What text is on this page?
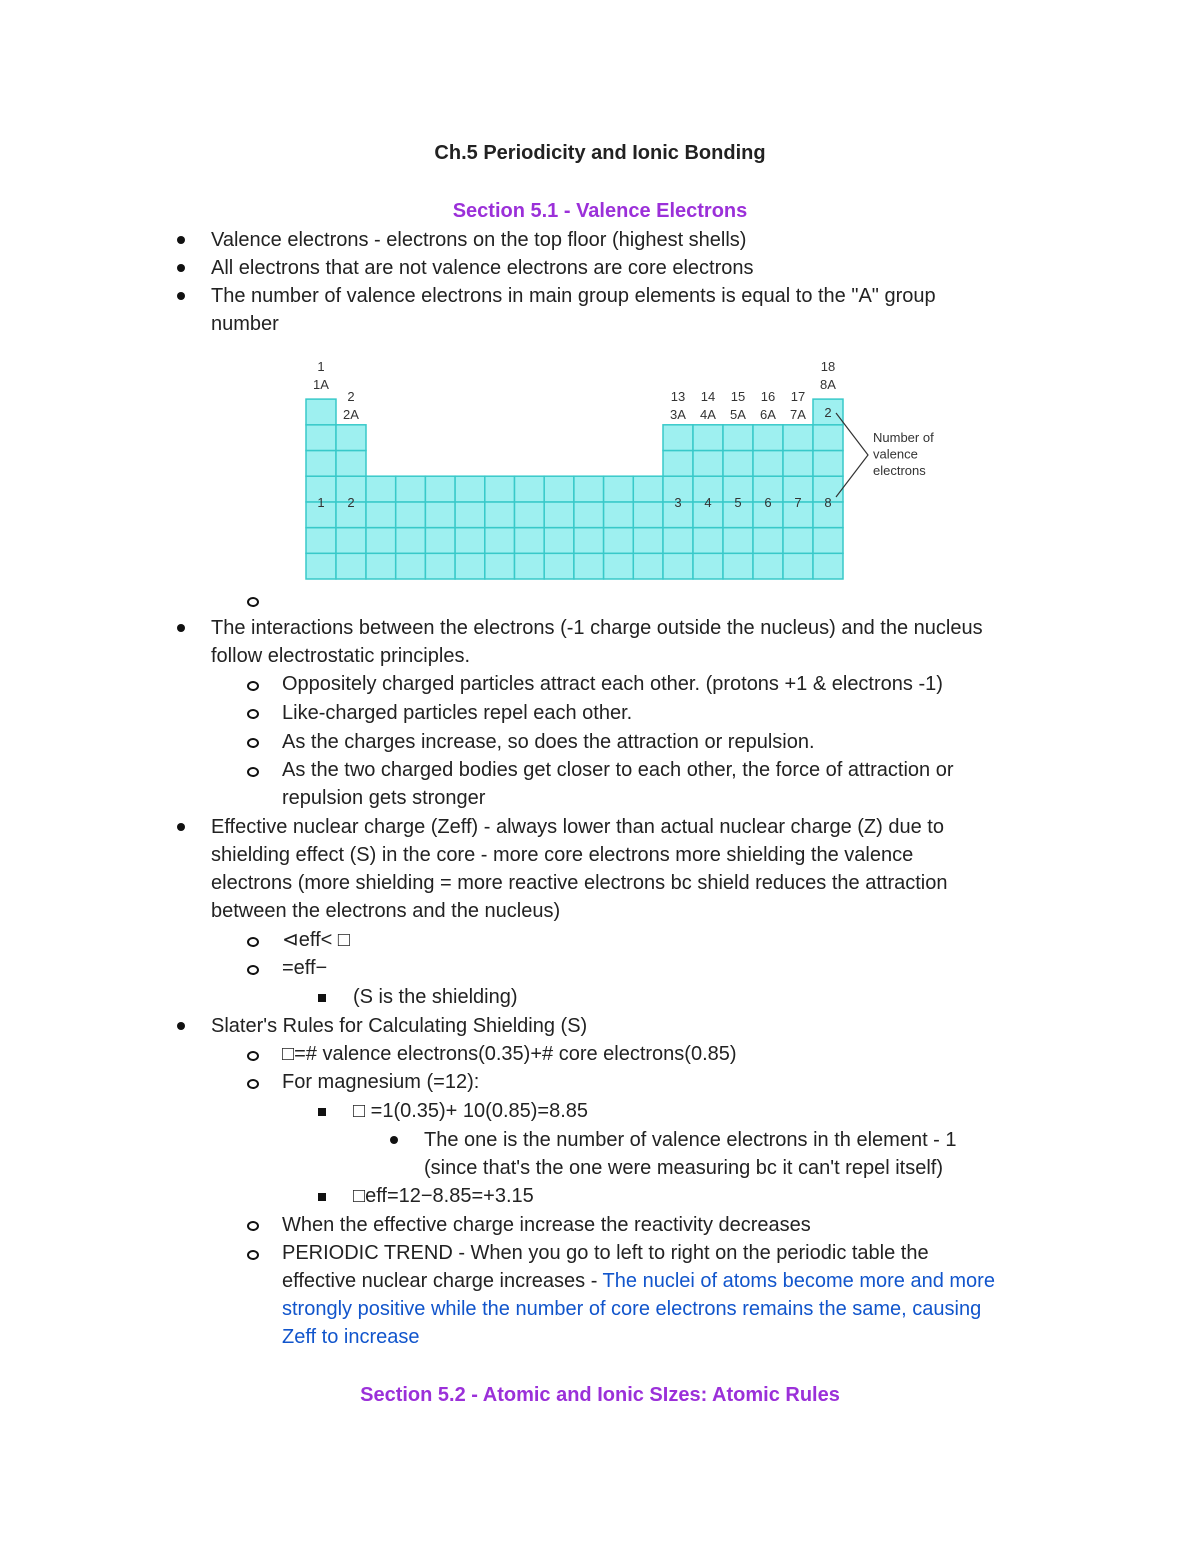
Ch.5 Periodicity and Ionic Bonding
Section 5.1 - Valence Electrons
Valence electrons - electrons on the top floor (highest shells)
All electrons that are not valence electrons are core electrons
The number of valence electrons in main group elements is equal to the "A" group
number
1
1A
1
2
2A
2
13
3A
3
14
4A
4
15
5A
5
16
6A
6
17
7A
7
18
8A
8
2
Number of
valence
electrons
The interactions between the electrons (-1 charge outside the nucleus) and the nucleus
follow electrostatic principles.
Oppositely charged particles attract each other. (protons +1 & electrons -1)
Like-charged particles repel each other.
As the charges increase, so does the attraction or repulsion.
As the two charged bodies get closer to each other, the force of attraction or
repulsion gets stronger
Effective nuclear charge (Zeff) - always lower than actual nuclear charge (Z) due to
shielding effect (S) in the core - more core electrons more shielding the valence
electrons (more shielding = more reactive electrons bc shield reduces the attraction
between the electrons and the nucleus)
⊲eff< □
=eff−
(S is the shielding)
Slater's Rules for Calculating Shielding (S)
□=# valence electrons(0.35)+# core electrons(0.85)
For magnesium (=12):
□ =1(0.35)+ 10(0.85)=8.85
The one is the number of valence electrons in th element - 1
(since that's the one were measuring bc it can't repel itself)
□eff=12−8.85=+3.15
When the effective charge increase the reactivity decreases
PERIODIC TREND - When you go to left to right on the periodic table the
effective nuclear charge increases - The nuclei of atoms become more and more
strongly positive while the number of core electrons remains the same, causing
Zeff to increase
Section 5.2 - Atomic and Ionic SIzes: Atomic Rules
